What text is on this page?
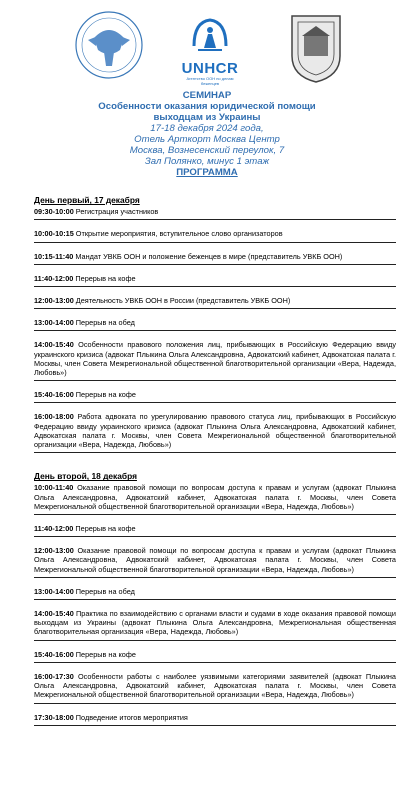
UNHCR
Агентство ООН по делам беженцев
СЕМИНАР
Особенности оказания юридической помощи
выходцам из Украины
17-18 декабря 2024 года,
Отель Арткорт Москва Центр
Москва, Вознесенский переулок, 7
Зал Полянко, минус 1 этаж
ПРОГРАММА
День первый, 17 декабря
09:30-10:00 Регистрация участников
10:00-10:15 Открытие мероприятия, вступительное слово организаторов
10:15-11:40 Мандат УВКБ ООН и положение беженцев в мире (представитель УВКБ ООН)
11:40-12:00 Перерыв на кофе
12:00-13:00 Деятельность УВКБ ООН в России (представитель УВКБ ООН)
13:00-14:00 Перерыв на обед
14:00-15:40 Особенности правового положения лиц, прибывающих в Российскую Федерацию ввиду украинского кризиса (адвокат Плыкина Ольга Александровна, Адвокатский кабинет, Адвокатская палата г. Москвы, член Совета Межрегиональной общественной благотворительной организации «Вера, Надежда, Любовь»)
15:40-16:00 Перерыв на кофе
16:00-18:00 Работа адвоката по урегулированию правового статуса лиц, прибывающих в Российскую Федерацию ввиду украинского кризиса (адвокат Плыкина Ольга Александровна, Адвокатский кабинет, Адвокатская палата г. Москвы, член Совета Межрегиональной общественной благотворительной организации «Вера, Надежда, Любовь»)
День второй, 18 декабря
10:00-11:40 Оказание правовой помощи по вопросам доступа к правам и услугам (адвокат Плыкина Ольга Александровна, Адвокатский кабинет, Адвокатская палата г. Москвы, член Совета Межрегиональной общественной благотворительной организации «Вера, Надежда, Любовь»)
11:40-12:00 Перерыв на кофе
12:00-13:00 Оказание правовой помощи по вопросам доступа к правам и услугам (адвокат Плыкина Ольга Александровна, Адвокатский кабинет, Адвокатская палата г. Москвы, член Совета Межрегиональной общественной благотворительной организации «Вера, Надежда, Любовь»)
13:00-14:00 Перерыв на обед
14:00-15:40 Практика по взаимодействию с органами власти и судами в ходе оказания правовой помощи выходцам из Украины (адвокат Плыкина Ольга Александровна, Межрегиональная общественная благотворительная организация «Вера, Надежда, Любовь»)
15:40-16:00 Перерыв на кофе
16:00-17:30 Особенности работы с наиболее уязвимыми категориями заявителей (адвокат Плыкина Ольга Александровна, Адвокатский кабинет, Адвокатская палата г. Москвы, член Совета Межрегиональной общественной благотворительной организации «Вера, Надежда, Любовь»)
17:30-18:00 Подведение итогов мероприятия
